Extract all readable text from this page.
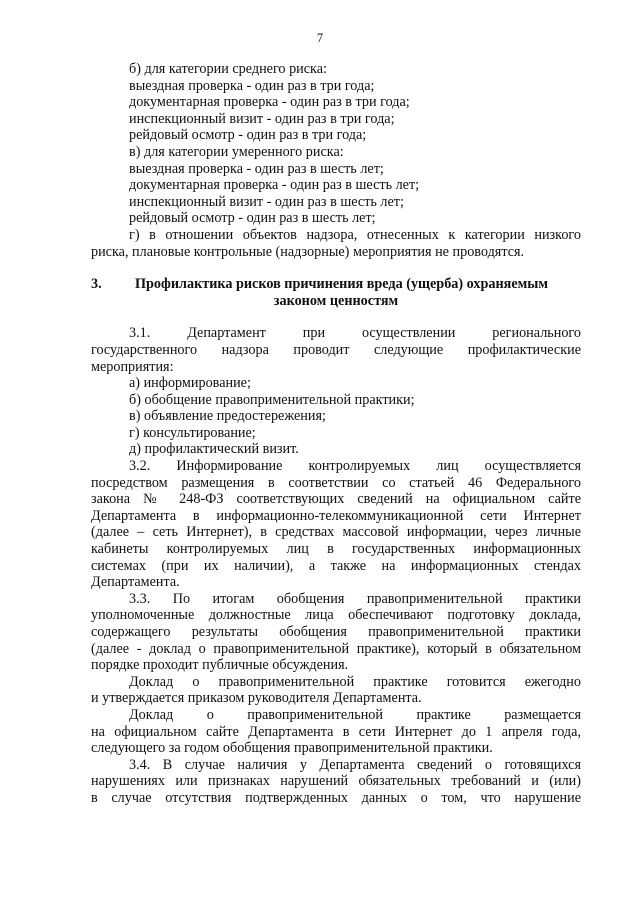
7
б) для категории среднего риска:
выездная проверка - один раз в три года;
документарная проверка - один раз в три года;
инспекционный визит - один раз в три года;
рейдовый осмотр - один раз в три года;
в) для категории умеренного риска:
выездная проверка - один раз в шесть лет;
документарная проверка - один раз в шесть лет;
инспекционный визит - один раз в шесть лет;
рейдовый осмотр - один раз в шесть лет;
г) в отношении объектов надзора, отнесенных к категории низкого
риска, плановые контрольные (надзорные) мероприятия не проводятся.
3.	Профилактика рисков причинения вреда (ущерба) охраняемым
законом ценностям
3.1. Департамент при осуществлении регионального
государственного надзора проводит следующие профилактические
мероприятия:
а) информирование;
б) обобщение правоприменительной практики;
в) объявление предостережения;
г) консультирование;
д) профилактический визит.
3.2. Информирование контролируемых лиц осуществляется
посредством размещения в соответствии со статьей 46 Федерального
закона № 248-ФЗ соответствующих сведений на официальном сайте
Департамента в информационно-телекоммуникационной сети Интернет
(далее – сеть Интернет), в средствах массовой информации, через личные
кабинеты контролируемых лиц в государственных информационных
системах (при их наличии), а также на информационных стендах
Департамента.
3.3. По итогам обобщения правоприменительной практики
уполномоченные должностные лица обеспечивают подготовку доклада,
содержащего результаты обобщения правоприменительной практики
(далее - доклад о правоприменительной практике), который в обязательном
порядке проходит публичные обсуждения.
Доклад о правоприменительной практике готовится ежегодно
и утверждается приказом руководителя Департамента.
Доклад о правоприменительной практике размещается
на официальном сайте Департамента в сети Интернет до 1 апреля года,
следующего за годом обобщения правоприменительной практики.
3.4. В случае наличия у Департамента сведений о готовящихся
нарушениях или признаках нарушений обязательных требований и (или)
в случае отсутствия подтвержденных данных о том, что нарушение
